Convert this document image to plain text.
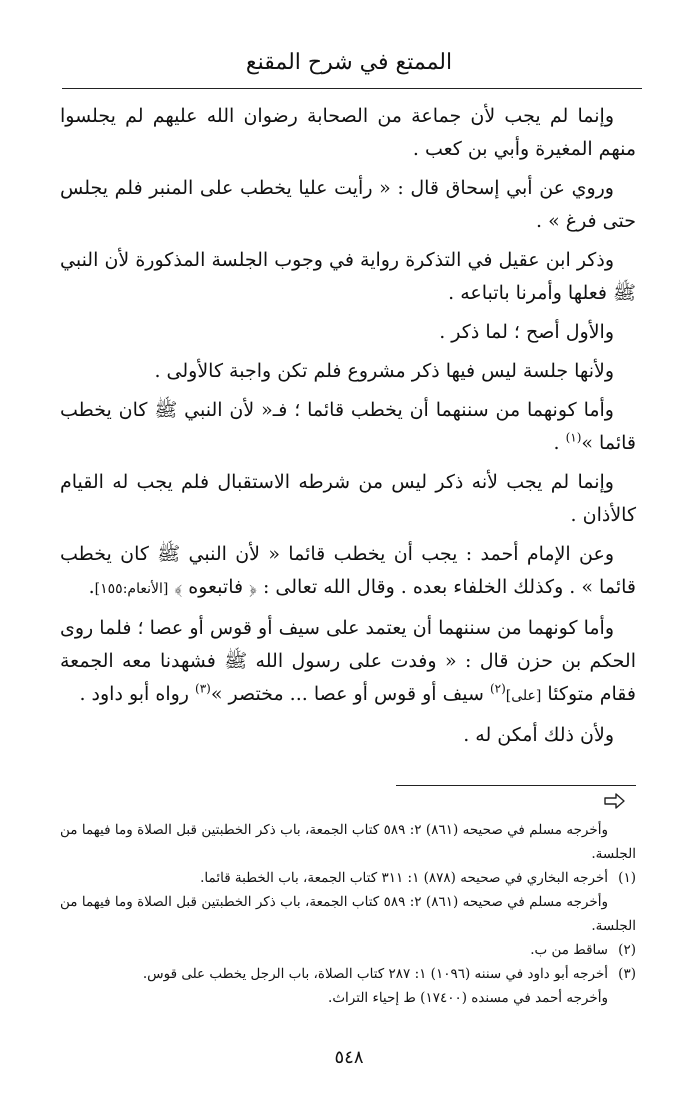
الممتع في شرح المقنع

وإنما لم يجب لأن جماعة من الصحابة رضوان الله عليهم لم يجلسوا منهم المغيرة وأبي بن كعب .

وروي عن أبي إسحاق قال : « رأيت عليا يخطب على المنبر فلم يجلس حتى فرغ » .

وذكر ابن عقيل في التذكرة رواية في وجوب الجلسة المذكورة لأن النبي ﷺ فعلها وأمرنا باتباعه .

والأول أصح ؛ لما ذكر .

ولأنها جلسة ليس فيها ذكر مشروع فلم تكن واجبة كالأولى .

وأما كونهما من سننهما أن يخطب قائما ؛ فـ« لأن النبي ﷺ كان يخطب قائما »$^{(١)}$ .

وإنما لم يجب لأنه ذكر ليس من شرطه الاستقبال فلم يجب له القيام كالأذان .

وعن الإمام أحمد : يجب أن يخطب قائما « لأن النبي ﷺ كان يخطب قائما » . وكذلك الخلفاء بعده . وقال الله تعالى : ﴿ فاتبعوه ﴾ [الأنعام:١٥٥].

وأما كونهما من سننهما أن يعتمد على سيف أو قوس أو عصا ؛ فلما روى الحكم بن حزن قال : « وفدت على رسول الله ﷺ فشهدنا معه الجمعة فقام متوكئا [على]$^{(٢)}$ سيف أو قوس أو عصا ... مختصر »$^{(٣)}$ رواه أبو داود .

ولأن ذلك أمكن له .

وأخرجه مسلم في صحيحه (٨٦١) ٢: ٥٨٩ كتاب الجمعة، باب ذكر الخطبتين قبل الصلاة وما فيهما من الجلسة.

(١)أخرجه البخاري في صحيحه (٨٧٨) ١: ٣١١ كتاب الجمعة، باب الخطبة قائما.

وأخرجه مسلم في صحيحه (٨٦١) ٢: ٥٨٩ كتاب الجمعة، باب ذكر الخطبتين قبل الصلاة وما فيهما من الجلسة.

(٢)ساقط من ب.

(٣)أخرجه أبو داود في سننه (١٠٩٦) ١: ٢٨٧ كتاب الصلاة، باب الرجل يخطب على قوس.

وأخرجه أحمد في مسنده (١٧٤٠٠) ط إحياء التراث.

٥٤٨
